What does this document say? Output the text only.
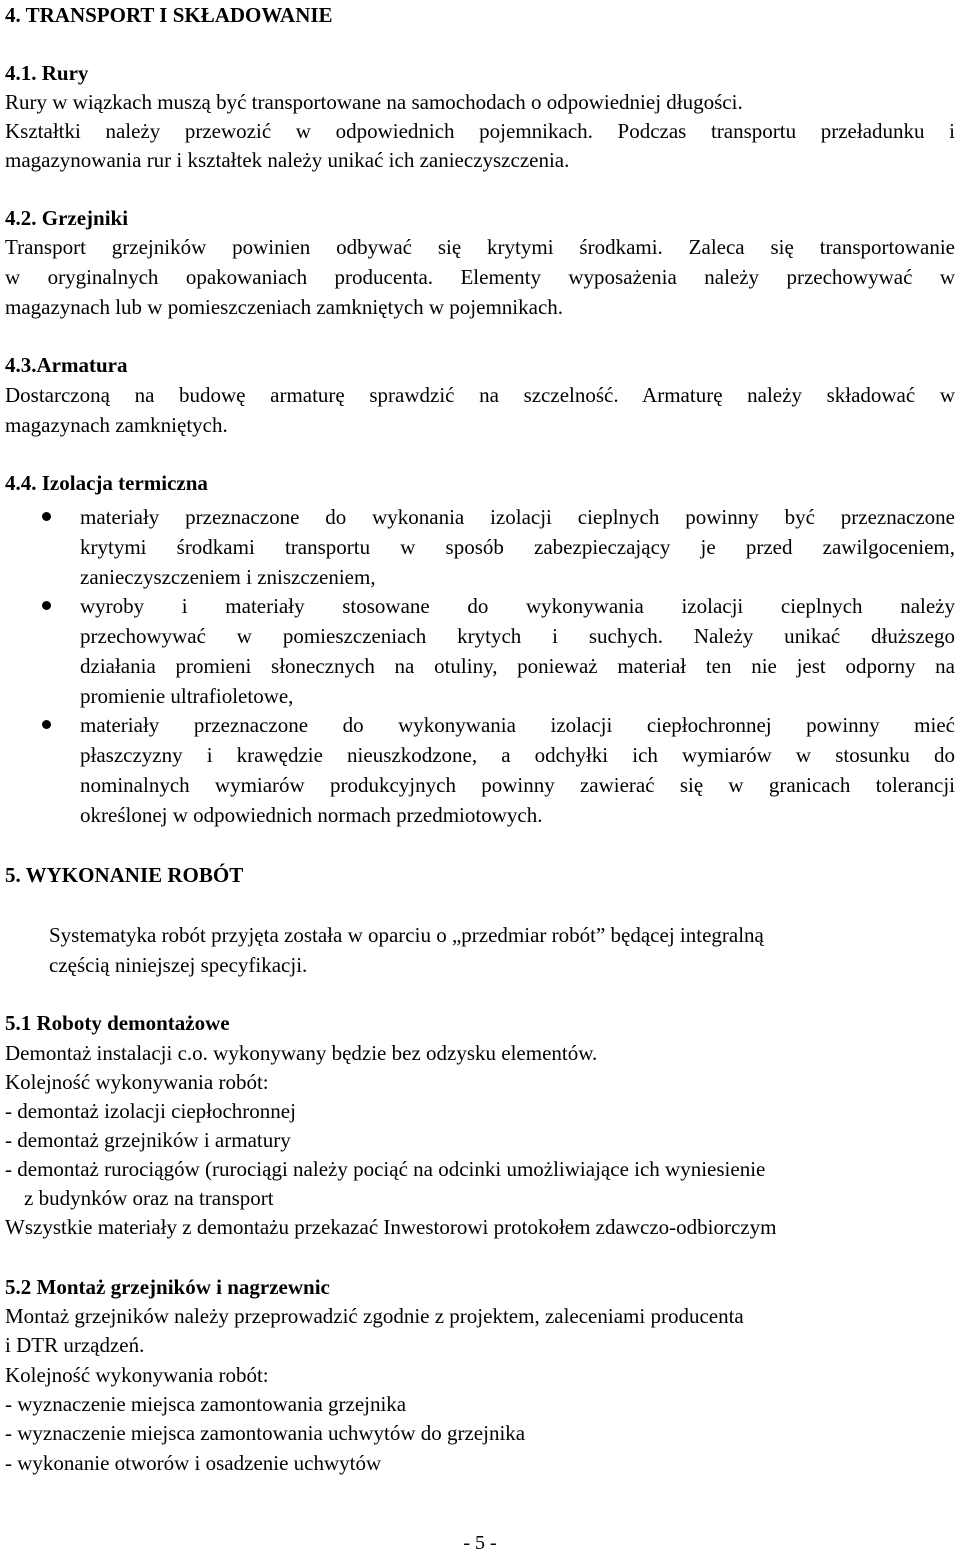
4. TRANSPORT I SKŁADOWANIE
4.1. Rury
Rury w wiązkach muszą być transportowane na samochodach o odpowiedniej długości.
Kształtki należy przewozić w odpowiednich pojemnikach. Podczas transportu przeładunku i
magazynowania rur i kształtek należy unikać ich zanieczyszczenia.
4.2. Grzejniki
Transport grzejników powinien odbywać się krytymi środkami. Zaleca się transportowanie
w oryginalnych opakowaniach producenta. Elementy wyposażenia należy przechowywać w
magazynach lub w pomieszczeniach zamkniętych w pojemnikach.
4.3.Armatura
Dostarczoną na budowę armaturę sprawdzić na szczelność. Armaturę należy składować w
magazynach zamkniętych.
4.4. Izolacja termiczna
materiały przeznaczone do wykonania izolacji cieplnych powinny być przeznaczone
krytymi środkami transportu w sposób zabezpieczający je przed zawilgoceniem,
zanieczyszczeniem i zniszczeniem,
wyroby i materiały stosowane do wykonywania izolacji cieplnych należy
przechowywać w pomieszczeniach krytych i suchych. Należy unikać dłuższego
działania promieni słonecznych na otuliny, ponieważ materiał ten nie jest odporny na
promienie ultrafioletowe,
materiały przeznaczone do wykonywania izolacji ciepłochronnej powinny mieć
płaszczyzny i krawędzie nieuszkodzone, a odchyłki ich wymiarów w stosunku do
nominalnych wymiarów produkcyjnych powinny zawierać się w granicach tolerancji
określonej w odpowiednich normach przedmiotowych.
5. WYKONANIE ROBÓT
Systematyka robót przyjęta została w oparciu o „przedmiar robót” będącej integralną
częścią niniejszej specyfikacji.
5.1 Roboty demontażowe
Demontaż instalacji c.o. wykonywany będzie bez odzysku elementów.
Kolejność wykonywania robót:
- demontaż izolacji ciepłochronnej
- demontaż grzejników i armatury
- demontaż rurociągów (rurociągi należy pociąć na odcinki umożliwiające ich wyniesienie
z budynków oraz na transport
Wszystkie materiały z demontażu przekazać Inwestorowi protokołem zdawczo-odbiorczym
5.2 Montaż grzejników i nagrzewnic
Montaż grzejników należy przeprowadzić zgodnie z projektem, zaleceniami producenta
i DTR urządzeń.
Kolejność wykonywania robót:
- wyznaczenie miejsca zamontowania grzejnika
- wyznaczenie miejsca zamontowania uchwytów do grzejnika
- wykonanie otworów i osadzenie uchwytów
- 5 -
